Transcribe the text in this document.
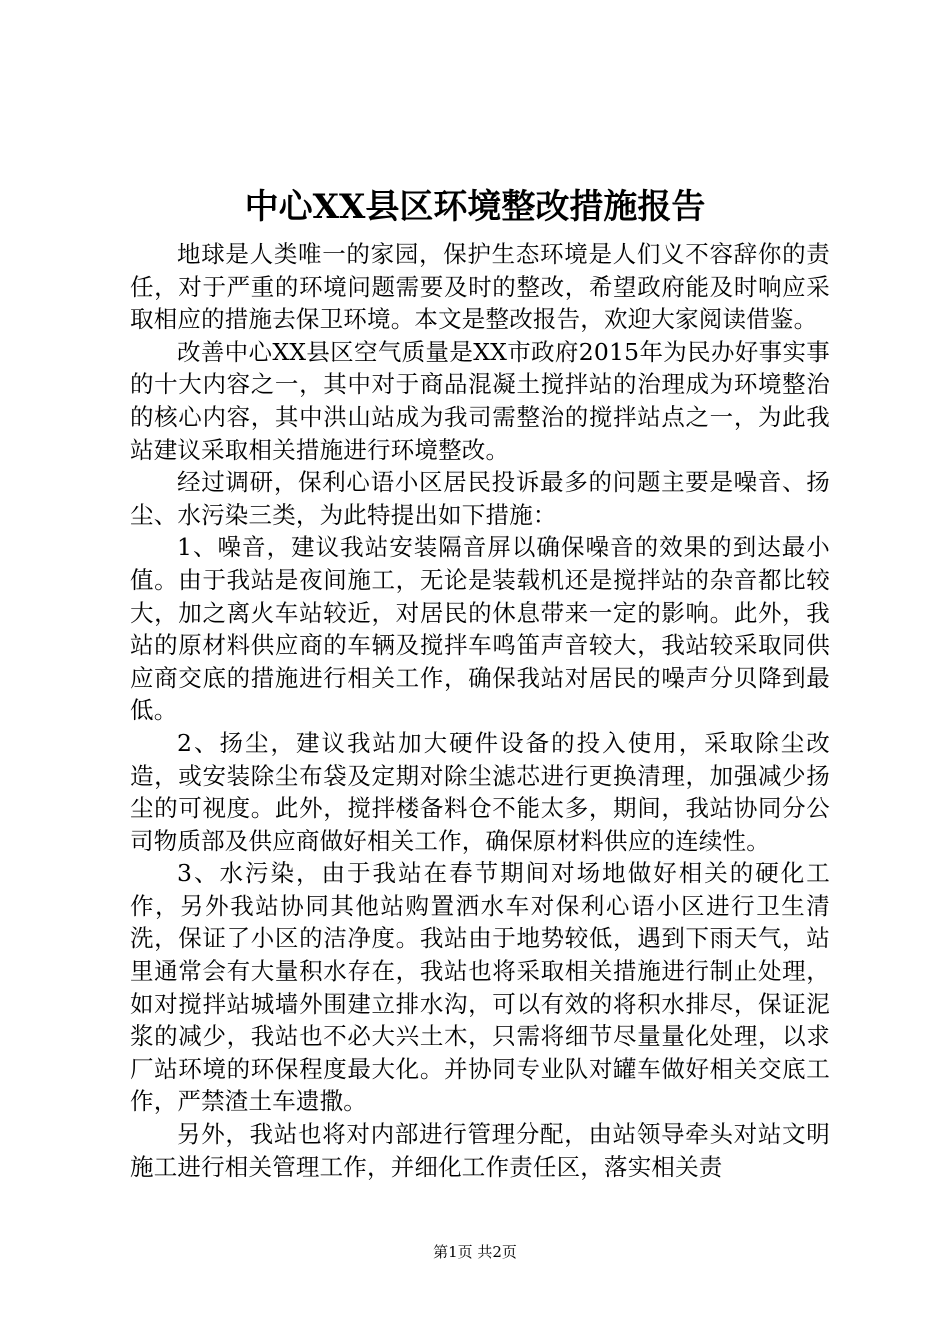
中心XX县区环境整改措施报告

地球是人类唯一的家园，保护生态环境是人们义不容辞你的责任，对于严重的环境问题需要及时的整改，希望政府能及时响应采取相应的措施去保卫环境。本文是整改报告，欢迎大家阅读借鉴。

改善中心XX县区空气质量是XX市政府2015年为民办好事实事的十大内容之一，其中对于商品混凝土搅拌站的治理成为环境整治的核心内容，其中洪山站成为我司需整治的搅拌站点之一，为此我站建议采取相关措施进行环境整改。

经过调研，保利心语小区居民投诉最多的问题主要是噪音、扬尘、水污染三类，为此特提出如下措施：

1、噪音，建议我站安装隔音屏以确保噪音的效果的到达最小值。由于我站是夜间施工，无论是装载机还是搅拌站的杂音都比较大，加之离火车站较近，对居民的休息带来一定的影响。此外，我站的原材料供应商的车辆及搅拌车鸣笛声音较大，我站较采取同供应商交底的措施进行相关工作，确保我站对居民的噪声分贝降到最低。

2、扬尘，建议我站加大硬件设备的投入使用，采取除尘改造，或安装除尘布袋及定期对除尘滤芯进行更换清理，加强减少扬尘的可视度。此外，搅拌楼备料仓不能太多，期间，我站协同分公司物质部及供应商做好相关工作，确保原材料供应的连续性。

3、水污染，由于我站在春节期间对场地做好相关的硬化工作，另外我站协同其他站购置洒水车对保利心语小区进行卫生清洗，保证了小区的洁净度。我站由于地势较低，遇到下雨天气，站里通常会有大量积水存在，我站也将采取相关措施进行制止处理，如对搅拌站城墙外围建立排水沟，可以有效的将积水排尽，保证泥浆的减少，我站也不必大兴土木，只需将细节尽量量化处理，以求厂站环境的环保程度最大化。并协同专业队对罐车做好相关交底工作，严禁渣土车遗撒。

另外，我站也将对内部进行管理分配，由站领导牵头对站文明施工进行相关管理工作，并细化工作责任区，落实相关责

第1页 共2页
